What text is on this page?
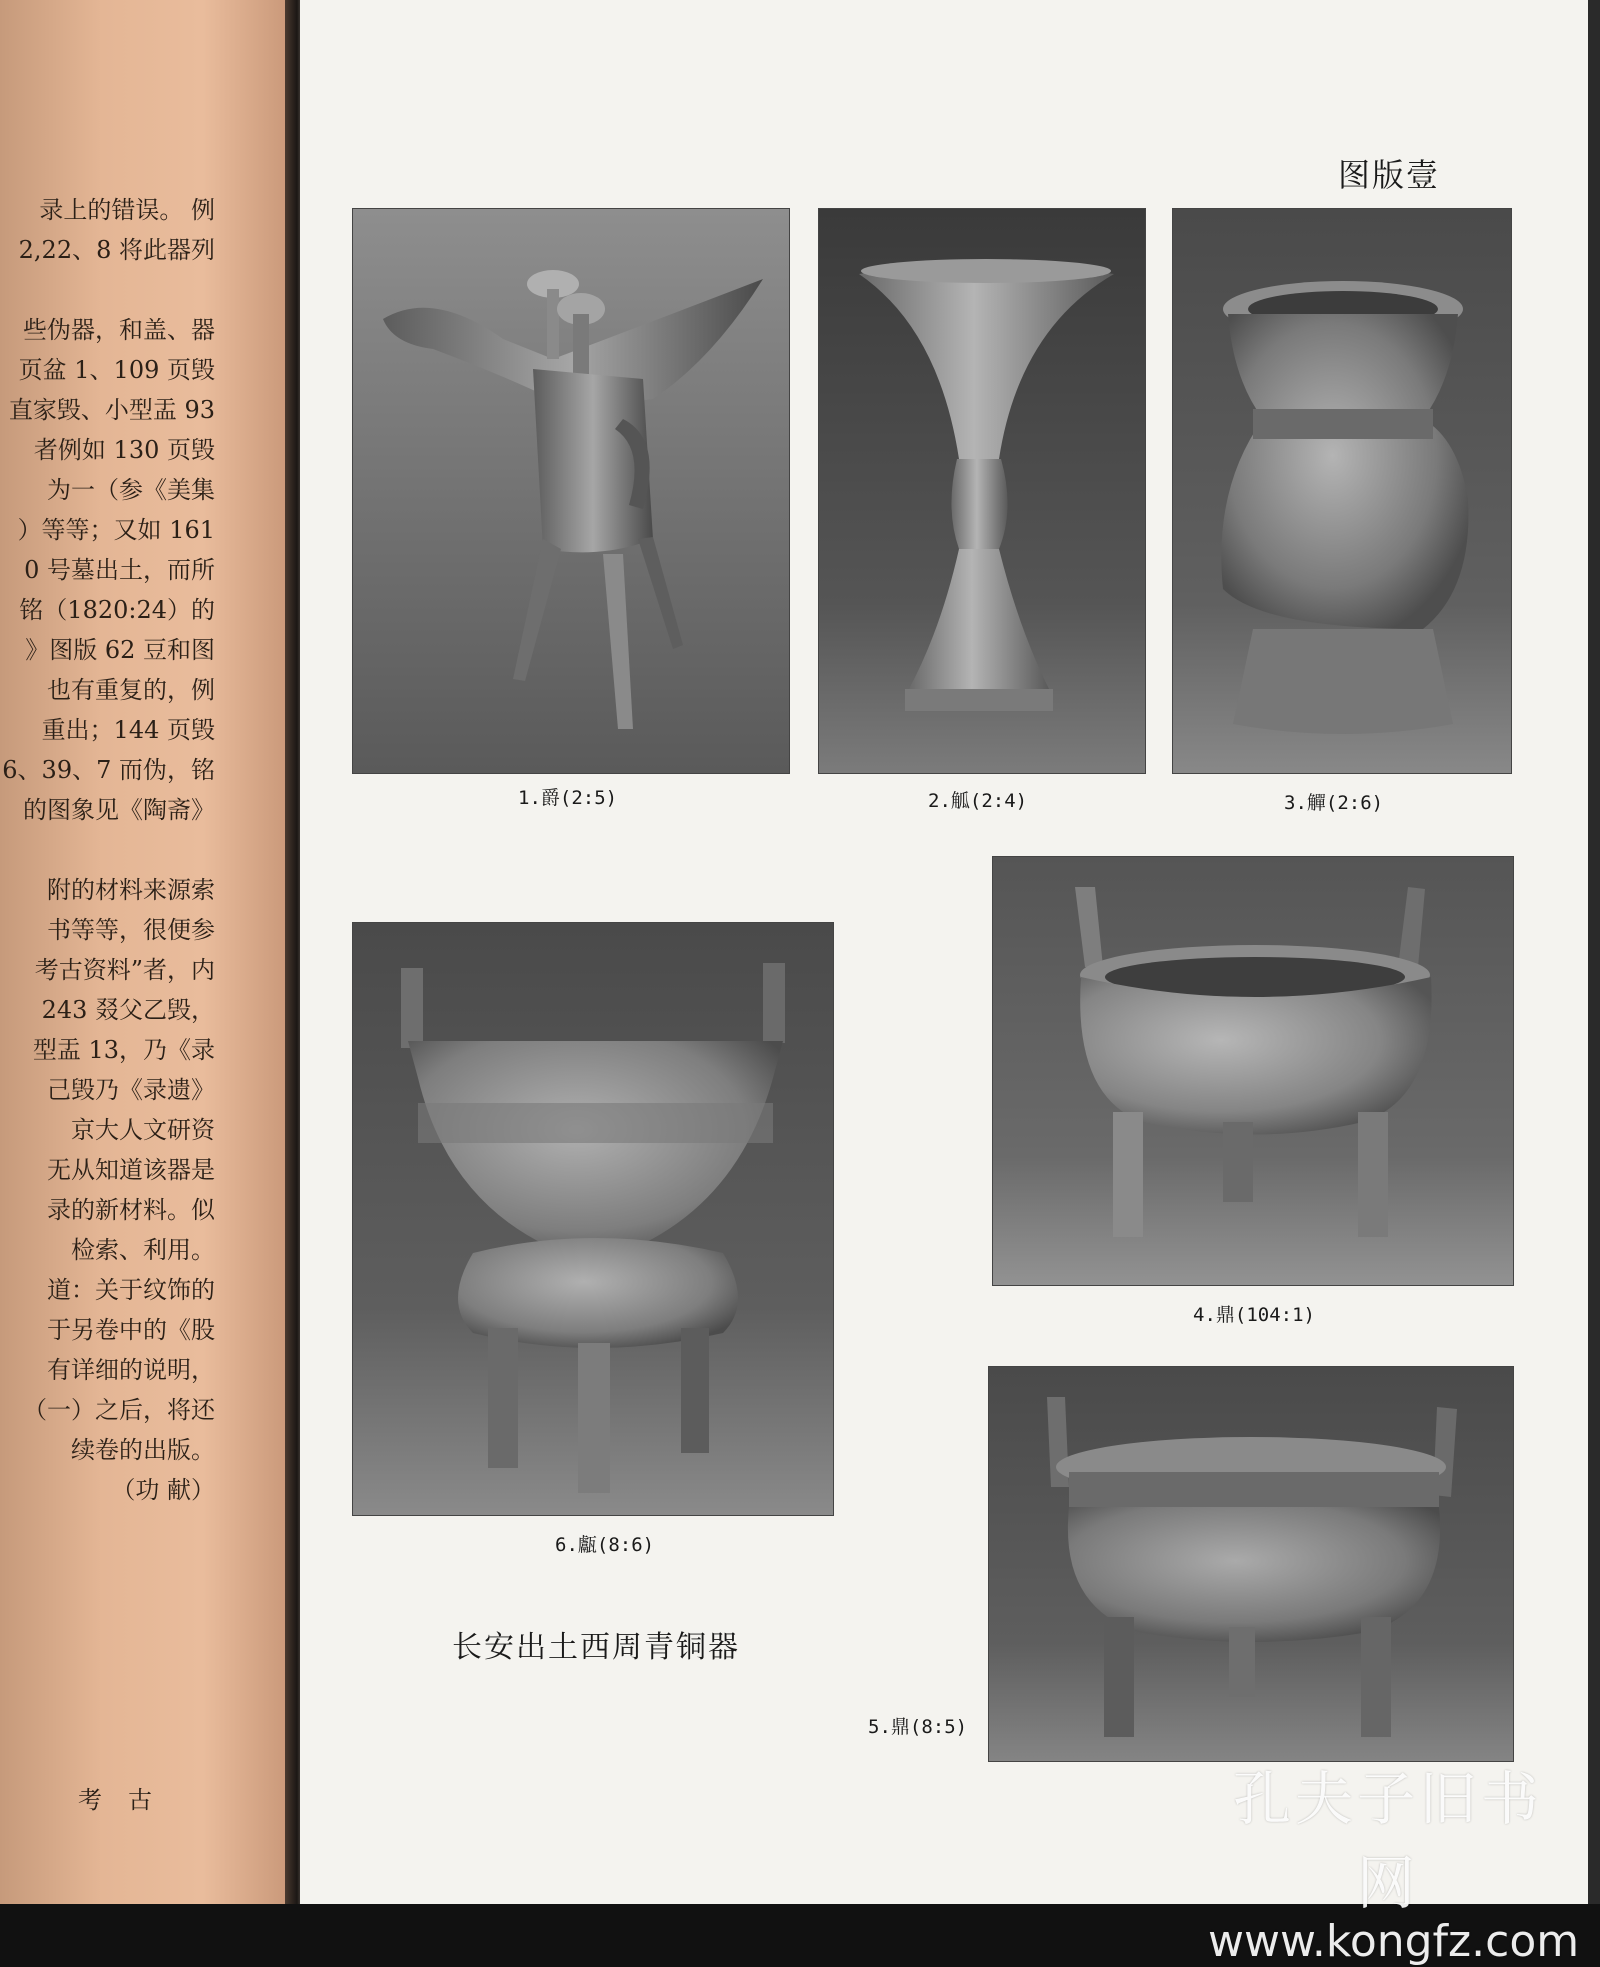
录上的错误。 例
2,22、8 将此器列

些伪器，和盖、器
页盆 1、109 页毁
直家毁、小型盂 93
者例如 130 页毁
为一（参《美集
）等等；又如 161
0 号墓出土，而所
铭（1820:24）的
》图版 62 豆和图
也有重复的，例
重出；144 页毁
6、39、7 而伪，铭
的图象见《陶斋》

附的材料来源索
书等等，很便参
考古资料”者，内
243 叕父乙毁，
型盂 13，乃《录
己毁乃《录遗》
京大人文研资
无从知道该器是
录的新材料。似
检索、利用。
道：关于纹饰的
于另卷中的《股
有详细的说明，
（一）之后，将还
续卷的出版。
（功 献）
考古
图版壹
1.爵(2:5)	2.觚(2:4)	3.觶(2:6)
6.甗(8:6)
4.鼎(104:1)
5.鼎(8:5)
长安出土西周青铜器
孔夫子旧书网
www.kongfz.com
